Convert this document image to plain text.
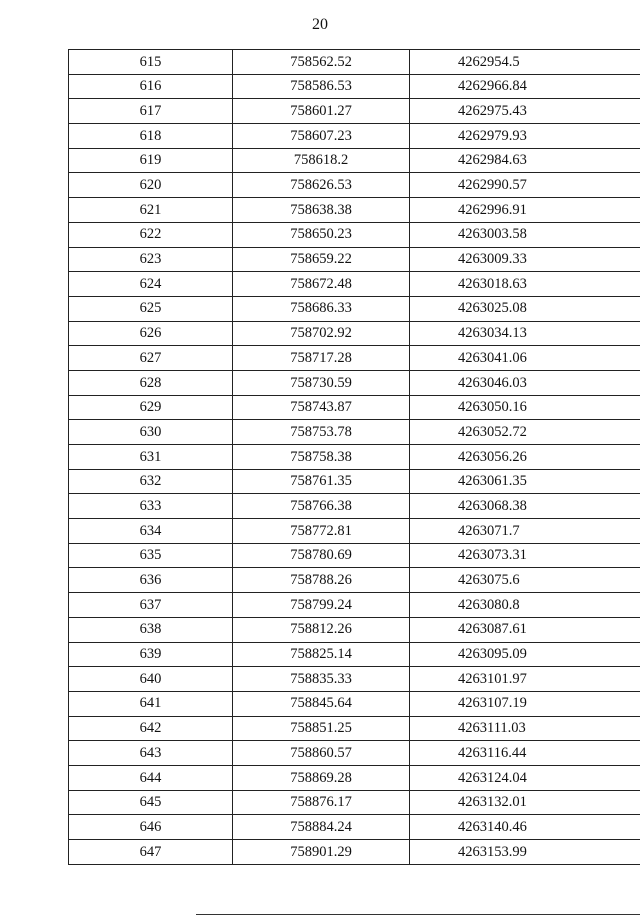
20
615	758562.52	4262954.5
616	758586.53	4262966.84
617	758601.27	4262975.43
618	758607.23	4262979.93
619	758618.2	4262984.63
620	758626.53	4262990.57
621	758638.38	4262996.91
622	758650.23	4263003.58
623	758659.22	4263009.33
624	758672.48	4263018.63
625	758686.33	4263025.08
626	758702.92	4263034.13
627	758717.28	4263041.06
628	758730.59	4263046.03
629	758743.87	4263050.16
630	758753.78	4263052.72
631	758758.38	4263056.26
632	758761.35	4263061.35
633	758766.38	4263068.38
634	758772.81	4263071.7
635	758780.69	4263073.31
636	758788.26	4263075.6
637	758799.24	4263080.8
638	758812.26	4263087.61
639	758825.14	4263095.09
640	758835.33	4263101.97
641	758845.64	4263107.19
642	758851.25	4263111.03
643	758860.57	4263116.44
644	758869.28	4263124.04
645	758876.17	4263132.01
646	758884.24	4263140.46
647	758901.29	4263153.99
